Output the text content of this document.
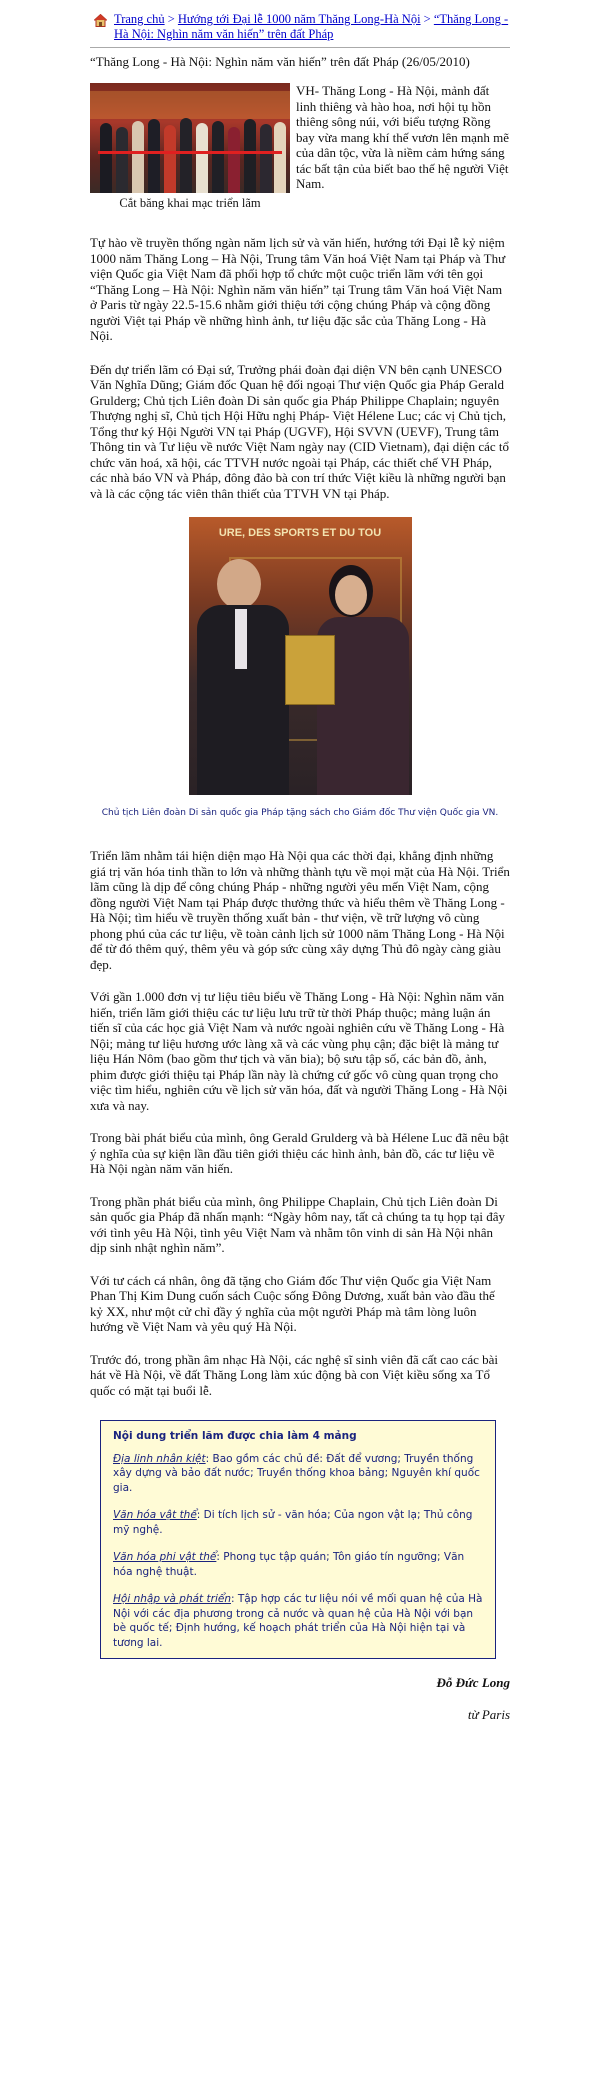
Trang chủ > Hướng tới Đại lễ 1000 năm Thăng Long-Hà Nội > “Thăng Long - Hà Nội: Nghìn năm văn hiến” trên đất Pháp

“Thăng Long - Hà Nội: Nghìn năm văn hiến” trên đất Pháp (26/05/2010)

Cắt băng khai mạc triển lãm
VH- Thăng Long - Hà Nội, mảnh đất linh thiêng và hào hoa, nơi hội tụ hồn thiêng sông núi, với biểu tượng Rồng bay vừa mang khí thế vươn lên mạnh mẽ của dân tộc, vừa là niềm cảm hứng sáng tác bất tận của biết bao thế hệ người Việt Nam.

Tự hào về truyền thống ngàn năm lịch sử và văn hiến, hướng tới Đại lễ kỷ niệm 1000 năm Thăng Long – Hà Nội, Trung tâm Văn hoá Việt Nam tại Pháp và Thư viện Quốc gia Việt Nam đã phối hợp tổ chức một cuộc triển lãm với tên gọi “Thăng Long – Hà Nội: Nghìn năm văn hiến” tại Trung tâm Văn hoá Việt Nam ở Paris từ ngày 22.5-15.6 nhằm giới thiệu tới cộng chúng Pháp và cộng đồng người Việt tại Pháp về những hình ảnh, tư liệu đặc sắc của Thăng Long - Hà Nội.

Đến dự triển lãm có Đại sứ, Trưởng phái đoàn đại diện VN bên cạnh UNESCO Văn Nghĩa Dũng; Giám đốc Quan hệ đối ngoại Thư viện Quốc gia Pháp Gerald Grulderg; Chủ tịch Liên đoàn Di sản quốc gia Pháp Philippe Chaplain; nguyên Thượng nghị sĩ, Chủ tịch Hội Hữu nghị Pháp- Việt Hélene Luc; các vị Chủ tịch, Tổng thư ký Hội Người VN tại Pháp (UGVF), Hội SVVN (UEVF), Trung tâm Thông tin và Tư liệu về nước Việt Nam ngày nay (CID Vietnam), đại diện các tổ chức văn hoá, xã hội, các TTVH nước ngoài tại Pháp, các thiết chế VH Pháp, các nhà báo VN và Pháp, đông đảo bà con trí thức Việt kiều là những người bạn và là các cộng tác viên thân thiết của TTVH VN tại Pháp.

URE, DES SPORTS ET DU TOU
Chủ tịch Liên đoàn Di sản quốc gia Pháp tặng sách cho Giám đốc Thư viện Quốc gia VN.

Triển lãm nhằm tái hiện diện mạo Hà Nội qua các thời đại, khẳng định những giá trị văn hóa tinh thần to lớn và những thành tựu về mọi mặt của Hà Nội. Triển lãm cũng là dịp để công chúng Pháp - những người yêu mến Việt Nam, cộng đồng người Việt Nam tại Pháp được thưởng thức và hiểu thêm về Thăng Long - Hà Nội; tìm hiểu về truyền thống xuất bản - thư viện, về trữ lượng vô cùng phong phú của các tư liệu, về toàn cảnh lịch sử 1000 năm Thăng Long - Hà Nội để từ đó thêm quý, thêm yêu và góp sức cùng xây dựng Thủ đô ngày càng giàu đẹp.

Với gần 1.000 đơn vị tư liệu tiêu biểu về Thăng Long - Hà Nội: Nghìn năm văn hiến, triển lãm giới thiệu các tư liệu lưu trữ từ thời Pháp thuộc; mảng luận án tiến sĩ của các học giả Việt Nam và nước ngoài nghiên cứu về Thăng Long - Hà Nội; mảng tư liệu hương ước làng xã và các vùng phụ cận; đặc biệt là mảng tư liệu Hán Nôm (bao gồm thư tịch và văn bia); bộ sưu tập số, các bản đồ, ảnh, phim được giới thiệu tại Pháp lần này là chứng cứ gốc vô cùng quan trọng cho việc tìm hiểu, nghiên cứu về lịch sử văn hóa, đất và người Thăng Long - Hà Nội xưa và nay.

Trong bài phát biểu của mình, ông Gerald Grulderg và bà Hélene Luc đã nêu bật ý nghĩa của sự kiện lần đầu tiên giới thiệu các hình ảnh, bản đồ, các tư liệu về Hà Nội ngàn năm văn hiến.

Trong phần phát biểu của mình, ông Philippe Chaplain, Chủ tịch Liên đoàn Di sản quốc gia Pháp đã nhấn mạnh: “Ngày hôm nay, tất cả chúng ta tụ họp tại đây với tình yêu Hà Nội, tình yêu Việt Nam và nhằm tôn vinh di sản Hà Nội nhân dịp sinh nhật nghìn năm”.

Với tư cách cá nhân, ông đã tặng cho Giám đốc Thư viện Quốc gia Việt Nam Phan Thị Kim Dung cuốn sách Cuộc sống Đông Dương, xuất bản vào đầu thế kỷ XX, như một cử chỉ đầy ý nghĩa của một người Pháp mà tâm lòng luôn hướng về Việt Nam và yêu quý Hà Nội.

Trước đó, trong phần âm nhạc Hà Nội, các nghệ sĩ sinh viên đã cất cao các bài hát về Hà Nội, về đất Thăng Long làm xúc động bà con Việt kiều sống xa Tổ quốc có mặt tại buổi lễ.

Nội dung triển lãm được chia làm 4 mảng

Địa linh nhân kiệt: Bao gồm các chủ đề: Đất để vương; Truyền thống xây dựng và bảo đất nước; Truyền thống khoa bảng; Nguyên khí quốc gia.

Văn hóa vật thể: Di tích lịch sử - văn hóa; Của ngon vật lạ; Thủ công mỹ nghệ.

Văn hóa phi vật thể: Phong tục tập quán; Tôn giáo tín ngưỡng; Văn hóa nghệ thuật.

Hội nhập và phát triển: Tập hợp các tư liệu nói về mối quan hệ của Hà Nội với các địa phương trong cả nước và quan hệ của Hà Nội với bạn bè quốc tế; Định hướng, kế hoạch phát triển của Hà Nội hiện tại và tương lai.

Đỗ Đức Long
từ Paris
